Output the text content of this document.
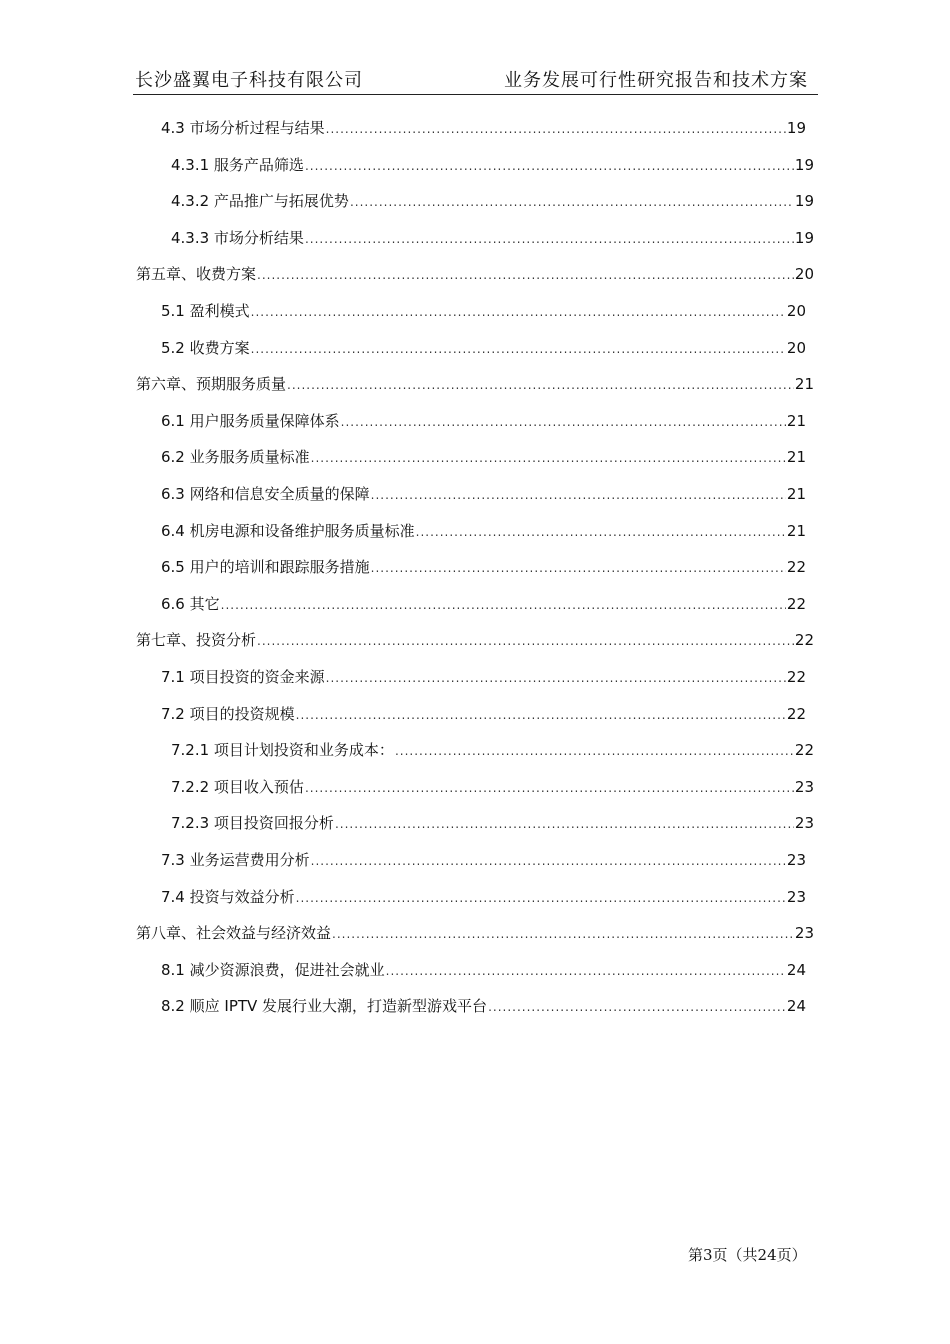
长沙盛翼电子科技有限公司	业务发展可行性研究报告和技术方案
4.3 市场分析过程与结果 .....	19
4.3.1 服务产品筛选 .....	19
4.3.2 产品推广与拓展优势 .....	19
4.3.3 市场分析结果 .....	19
第五章、收费方案 .....	20
5.1 盈利模式 .....	20
5.2 收费方案 .....	20
第六章、预期服务质量 .....	21
6.1 用户服务质量保障体系 .....	21
6.2 业务服务质量标准 .....	21
6.3 网络和信息安全质量的保障 .....	21
6.4 机房电源和设备维护服务质量标准 .....	21
6.5 用户的培训和跟踪服务措施 .....	22
6.6 其它 .....	22
第七章、投资分析 .....	22
7.1 项目投资的资金来源 .....	22
7.2 项目的投资规模 .....	22
7.2.1 项目计划投资和业务成本： .....	22
7.2.2 项目收入预估 .....	23
7.2.3 项目投资回报分析 .....	23
7.3 业务运营费用分析 .....	23
7.4 投资与效益分析 .....	23
第八章、社会效益与经济效益 .....	23
8.1 减少资源浪费，促进社会就业 .....	24
8.2 顺应 IPTV 发展行业大潮，打造新型游戏平台 .....	24
第3页（共24页）
